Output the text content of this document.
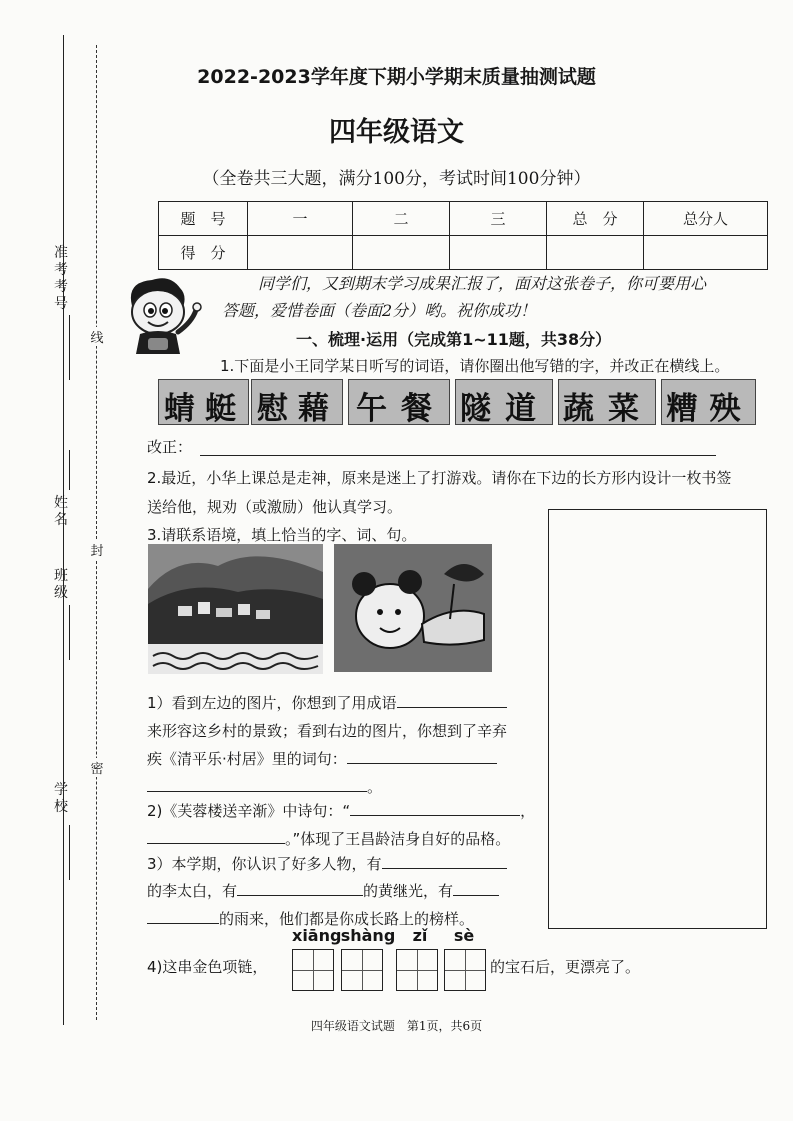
线
封
密
准考考号
姓名
班级
学校
2022-2023学年度下期小学期末质量抽测试题
四年级语文
（全卷共三大题，满分100分，考试时间100分钟）
题　号	一	二	三	总　分	总分人
得　分					
同学们，又到期末学习成果汇报了，面对这张卷子，你可要用心
答题，爱惜卷面（卷面2分）哟。祝你成功！
一、梳理·运用（完成第1~11题，共38分）
1.下面是小王同学某日听写的词语，请你圈出他写错的字，并改正在横线上。
蜻蜓 慰藉 午餐 隧道 蔬菜 糟殃
改正：
2.最近，小华上课总是走神，原来是迷上了打游戏。请你在下边的长方形内设计一枚书签
送给他，规劝（或激励）他认真学习。
3.请联系语境，填上恰当的字、词、句。
1）看到左边的图片，你想到了用成语
来形容这乡村的景致；看到右边的图片，你想到了辛弃
疾《清平乐·村居》里的词句：
。
2)《芙蓉楼送辛渐》中诗句：“	，
。”体现了王昌龄洁身自好的品格。
3）本学期，你认识了好多人物，有
的李太白，有	的黄继光，有
的雨来，他们都是你成长路上的榜样。
xiāng shàng	zǐ	sè
4)这串金色项链，	的宝石后，更漂亮了。
四年级语文试题　第1页，共6页
